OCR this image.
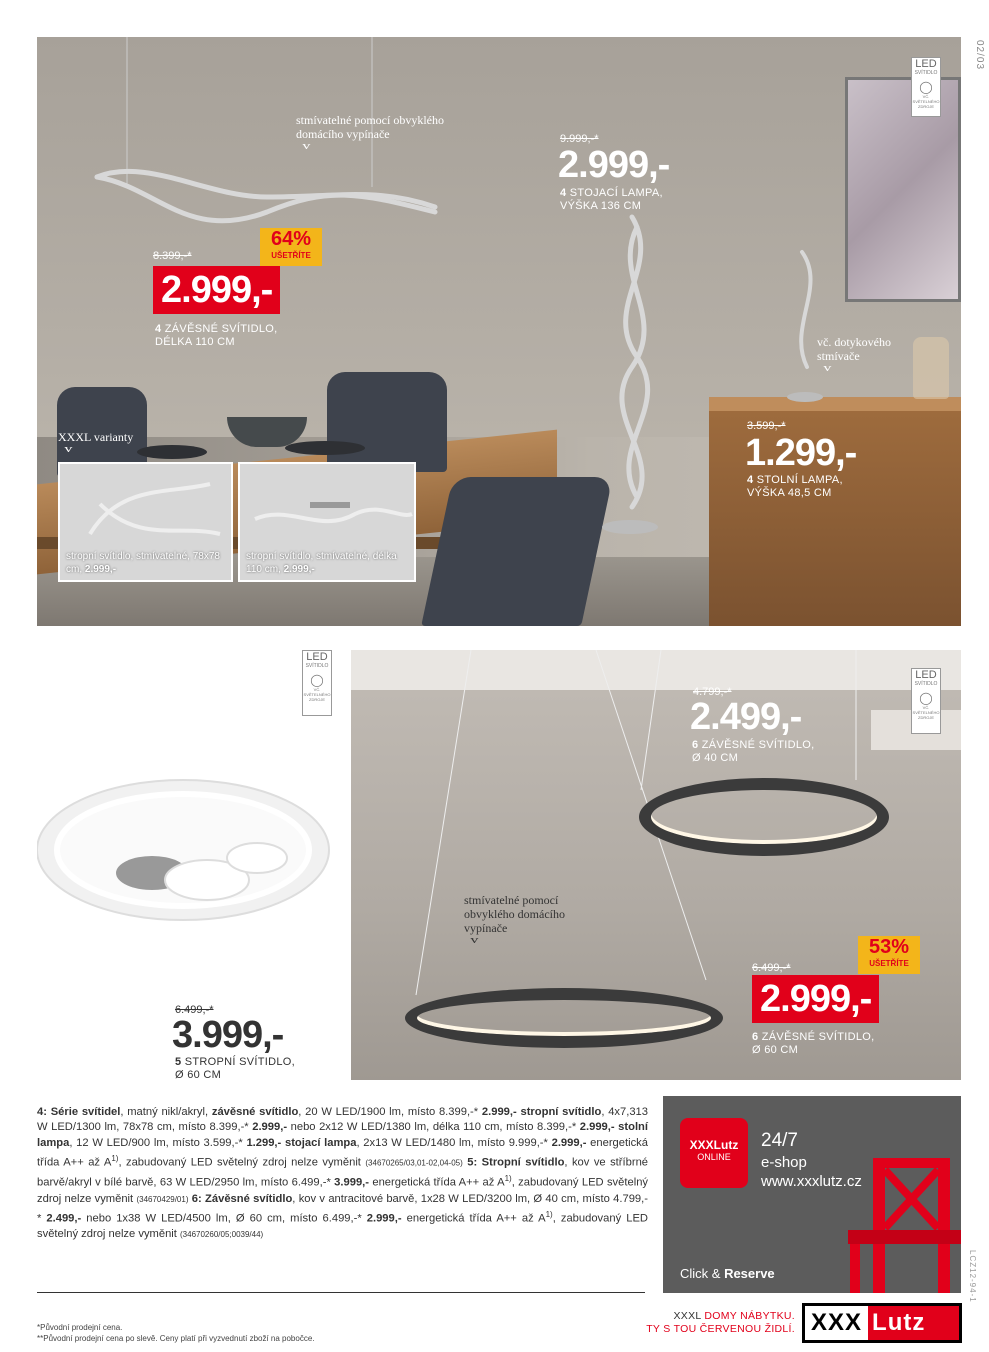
02/03
LCZ12-94-1
stmívatelné pomocí obvyklého domácího vypínače
v
vč. dotykového stmívače
v
XXXL varianty
v
stropní svítidlo, stmívatelné, 78x78 cm, 2.999,-
stropní svítidlo, stmívatelné, délka 110 cm, 2.999,-
LED
SVÍTIDLO
◯
VČ. SVĚTELNÉHO ZDROJE
8.399,-*
64%
UŠETŘÍTE
2.999,-
4 ZÁVĚSNÉ SVÍTIDLO,
DÉLKA 110 CM
9.999,-*
2.999,-
4 STOJACÍ LAMPA,
VÝŠKA 136 CM
3.599,-*
1.299,-
4 STOLNÍ LAMPA,
VÝŠKA 48,5 CM
LED
SVÍTIDLO
◯
VČ. SVĚTELNÉHO ZDROJE
6.499,-*
3.999,-
5 STROPNÍ SVÍTIDLO,
Ø 60 CM
stmívatelné pomocí obvyklého domácího vypínače
v
LED
SVÍTIDLO
◯
VČ. SVĚTELNÉHO ZDROJE
4.799,-*
2.499,-
6 ZÁVĚSNÉ SVÍTIDLO,
Ø 40 CM
6.499,-*
53%
UŠETŘÍTE
2.999,-
6 ZÁVĚSNÉ SVÍTIDLO,
Ø 60 CM
4: Série svítidel, matný nikl/akryl, závěsné svítidlo, 20 W LED/1900 lm, místo 8.399,-* 2.999,- stropní svítidlo, 4x7,313 W LED/1300 lm, 78x78 cm, místo 8.399,-* 2.999,- nebo 2x12 W LED/1380 lm, délka 110 cm, místo 8.399,-* 2.999,- stolní lampa, 12 W LED/900 lm, místo 3.599,-* 1.299,- stojací lampa, 2x13 W LED/1480 lm, místo 9.999,-* 2.999,- energetická třída A++ až $A^{1)}$, zabudovaný LED světelný zdroj nelze vyměnit (34670265/03,01-02,04-05) 5: Stropní svítidlo, kov ve stříbrné barvě/akryl v bílé barvě, 63 W LED/2950 lm, místo 6.499,-* 3.999,- energetická třída A++ až $A^{1)}$, zabudovaný LED světelný zdroj nelze vyměnit (34670429/01) 6: Závěsné svítidlo, kov v antracitové barvě, 1x28 W LED/3200 lm, Ø 40 cm, místo 4.799,-* 2.499,- nebo 1x38 W LED/4500 lm, Ø 60 cm, místo 6.499,-* 2.999,- energetická třída A++ až $A^{1)}$, zabudovaný LED světelný zdroj nelze vyměnit (34670260/05;0039/44)
XXXLutz
ONLINE
24/7
e-shop
www.xxxlutz.cz
Click & Reserve
*Původní prodejní cena.
**Původní prodejní cena po slevě. Ceny platí při vyzvednutí zboží na pobočce.
XXXL DOMY NÁBYTKU.
TY S TOU ČERVENOU ŽIDLÍ. XXX Lutz
